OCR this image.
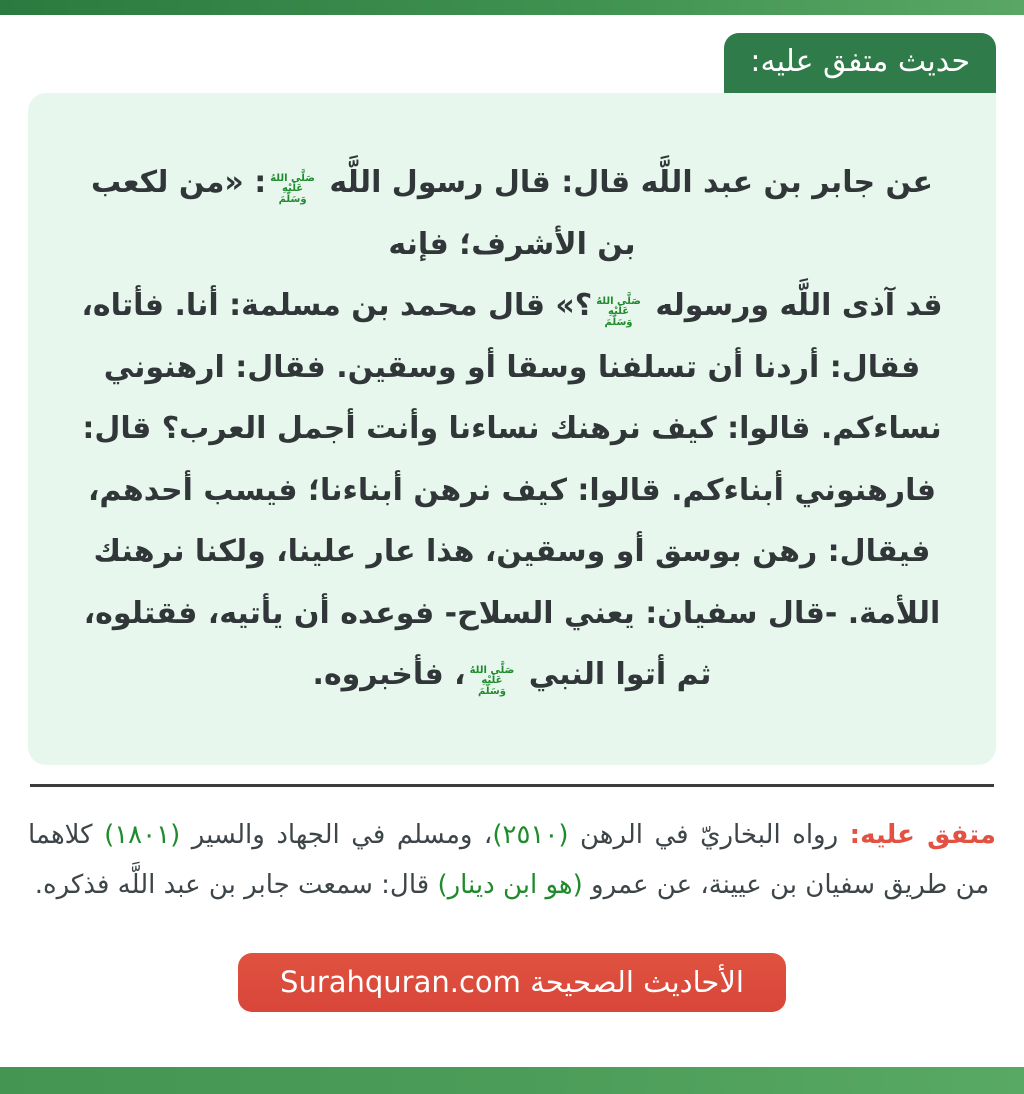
حديث متفق عليه:
عن جابر بن عبد اللَّه قال: قال رسول اللَّه صَلَّى اللهُ
عَلَيْهِ
وَسَلَّمَ: «من لكعب بن الأشرف؛ فإنه
قد آذى اللَّه ورسوله صَلَّى اللهُ
عَلَيْهِ
وَسَلَّمَ؟» قال محمد بن مسلمة: أنا. فأتاه، فقال: أردنا أن تسلفنا وسقا أو وسقين. فقال: ارهنوني نساءكم. قالوا: كيف نرهنك نساءنا وأنت أجمل العرب؟ قال: فارهنوني أبناءكم. قالوا: كيف نرهن أبناءنا؛ فيسب أحدهم، فيقال: رهن بوسق أو وسقين، هذا عار علينا، ولكنا نرهنك اللأمة. -قال سفيان: يعني السلاح- فوعده أن يأتيه، فقتلوه، ثم أتوا النبي صَلَّى اللهُ
عَلَيْهِ
وَسَلَّمَ، فأخبروه.

متفق عليه: رواه البخاريّ في الرهن (٢٥١٠)، ومسلم في الجهاد والسير (١٨٠١) كلاهما من طريق سفيان بن عيينة، عن عمرو (هو ابن دينار) قال: سمعت جابر بن عبد اللَّه فذكره.

الأحاديث الصحيحة Surahquran.com
